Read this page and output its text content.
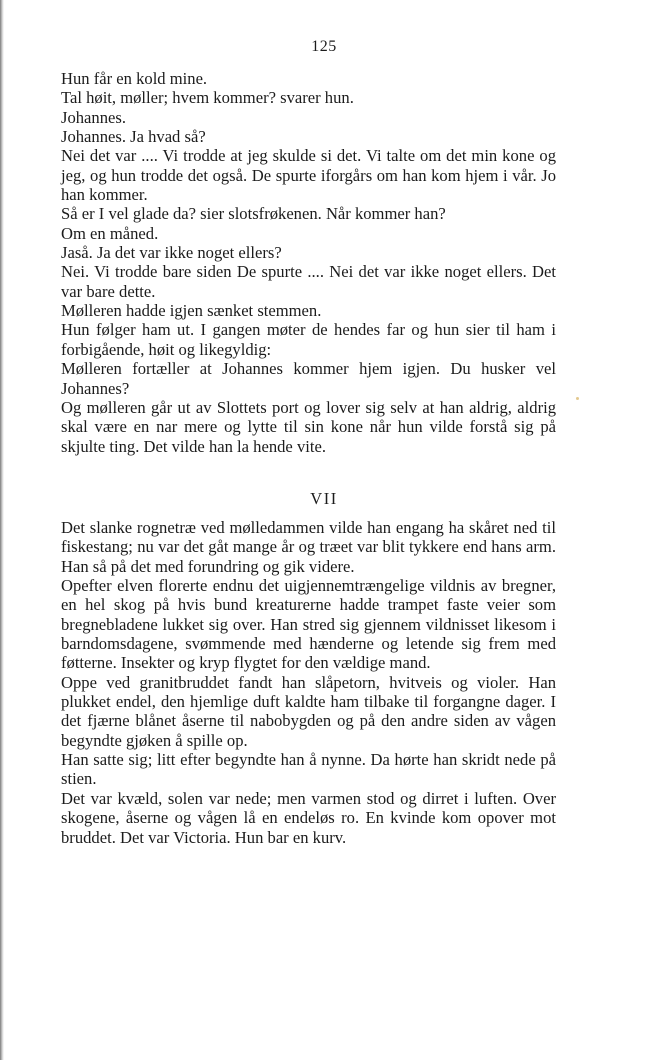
125

Hun får en kold mine.

Tal høit, møller; hvem kommer? svarer hun.

Johannes.

Johannes. Ja hvad så?

Nei det var .... Vi trodde at jeg skulde si det. Vi talte om det min kone og jeg, og hun trodde det også. De spurte iforgårs om han kom hjem i vår. Jo han kommer.

Så er I vel glade da? sier slotsfrøkenen. Når kommer han?

Om en måned.

Jaså. Ja det var ikke noget ellers?

Nei. Vi trodde bare siden De spurte .... Nei det var ikke noget ellers. Det var bare dette.

Mølleren hadde igjen sænket stemmen.

Hun følger ham ut. I gangen møter de hendes far og hun sier til ham i forbigående, høit og likegyldig:

Mølleren fortæller at Johannes kommer hjem igjen. Du husker vel Johannes?

Og mølleren går ut av Slottets port og lover sig selv at han aldrig, aldrig skal være en nar mere og lytte til sin kone når hun vilde forstå sig på skjulte ting. Det vilde han la hende vite.

VII

Det slanke rognetræ ved mølledammen vilde han engang ha skåret ned til fiskestang; nu var det gåt mange år og træet var blit tykkere end hans arm. Han så på det med forundring og gik videre.

Opefter elven florerte endnu det uigjennemtrængelige vildnis av bregner, en hel skog på hvis bund kreaturerne hadde trampet faste veier som bregnebladene lukket sig over. Han stred sig gjennem vildnisset likesom i barndomsdagene, svømmende med hænderne og letende sig frem med føtterne. Insekter og kryp flygtet for den vældige mand.

Oppe ved granitbruddet fandt han slåpetorn, hvitveis og violer. Han plukket endel, den hjemlige duft kaldte ham tilbake til forgangne dager. I det fjærne blånet åserne til nabobygden og på den andre siden av vågen begyndte gjøken å spille op.

Han satte sig; litt efter begyndte han å nynne. Da hørte han skridt nede på stien.

Det var kvæld, solen var nede; men varmen stod og dirret i luften. Over skogene, åserne og vågen lå en endeløs ro. En kvinde kom opover mot bruddet. Det var Victoria. Hun bar en kurv.
